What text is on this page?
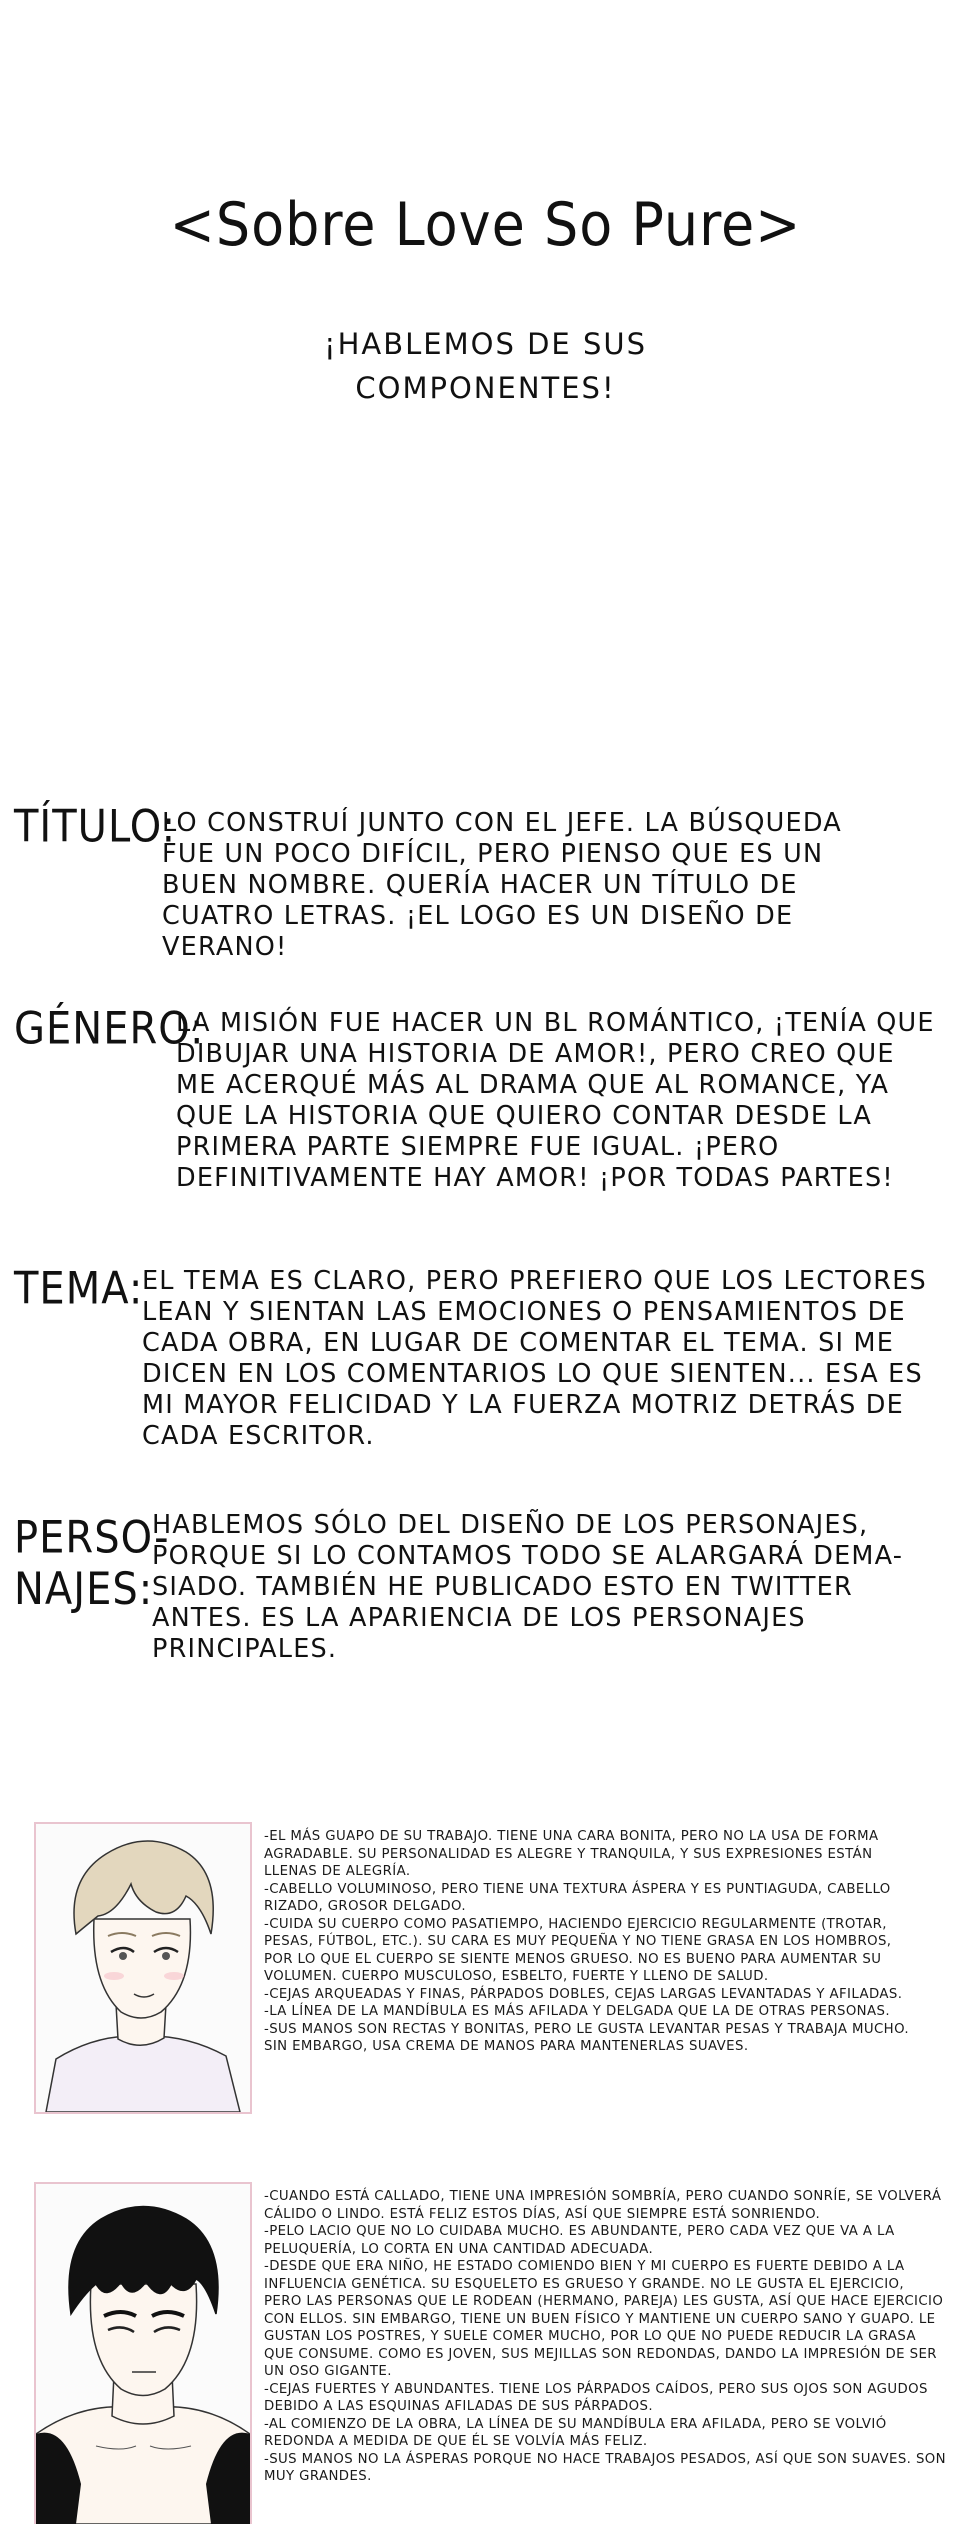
<Sobre Love So Pure>
¡HABLEMOS DE SUS
COMPONENTES!
TÍTULO:
LO CONSTRUÍ JUNTO CON EL JEFE. LA BÚSQUEDA FUE UN POCO DIFÍCIL, PERO PIENSO QUE ES UN BUEN NOMBRE. QUERÍA HACER UN TÍTULO DE CUATRO LETRAS. ¡EL LOGO ES UN DISEÑO DE VERANO!
GÉNERO:
LA MISIÓN FUE HACER UN BL ROMÁNTICO, ¡TENÍA QUE DIBUJAR UNA HISTORIA DE AMOR!, PERO CREO QUE ME ACERQUÉ MÁS AL DRAMA QUE AL ROMANCE, YA QUE LA HISTORIA QUE QUIERO CONTAR DESDE LA PRIMERA PARTE SIEMPRE FUE IGUAL. ¡PERO DEFINITIVAMENTE HAY AMOR! ¡POR TODAS PARTES!
TEMA:
EL TEMA ES CLARO, PERO PREFIERO QUE LOS LECTORES LEAN Y SIENTAN LAS EMOCIONES O PENSAMIENTOS DE CADA OBRA, EN LUGAR DE COMENTAR EL TEMA. SI ME DICEN EN LOS COMENTARIOS LO QUE SIENTEN... ESA ES MI MAYOR FELICIDAD Y LA FUERZA MOTRIZ DETRÁS DE CADA ESCRITOR.
PERSO-
NAJES:
HABLEMOS SÓLO DEL DISEÑO DE LOS PERSONAJES, PORQUE SI LO CONTAMOS TODO SE ALARGARÁ DEMA-SIADO. TAMBIÉN HE PUBLICADO ESTO EN TWITTER ANTES. ES LA APARIENCIA DE LOS PERSONAJES PRINCIPALES.

-EL MÁS GUAPO DE SU TRABAJO. TIENE UNA CARA BONITA, PERO NO LA USA DE FORMA AGRADABLE. SU PERSONALIDAD ES ALEGRE Y TRANQUILA, Y SUS EXPRESIONES ESTÁN LLENAS DE ALEGRÍA.

-CABELLO VOLUMINOSO, PERO TIENE UNA TEXTURA ÁSPERA Y ES PUNTIAGUDA, CABELLO RIZADO, GROSOR DELGADO.

-CUIDA SU CUERPO COMO PASATIEMPO, HACIENDO EJERCICIO REGULARMENTE (TROTAR, PESAS, FÚTBOL, ETC.). SU CARA ES MUY PEQUEÑA Y NO TIENE GRASA EN LOS HOMBROS, POR LO QUE EL CUERPO SE SIENTE MENOS GRUESO. NO ES BUENO PARA AUMENTAR SU VOLUMEN. CUERPO MUSCULOSO, ESBELTO, FUERTE Y LLENO DE SALUD.

-CEJAS ARQUEADAS Y FINAS, PÁRPADOS DOBLES, CEJAS LARGAS LEVANTADAS Y AFILADAS.

-LA LÍNEA DE LA MANDÍBULA ES MÁS AFILADA Y DELGADA QUE LA DE OTRAS PERSONAS.

-SUS MANOS SON RECTAS Y BONITAS, PERO LE GUSTA LEVANTAR PESAS Y TRABAJA MUCHO. SIN EMBARGO, USA CREMA DE MANOS PARA MANTENERLAS SUAVES.

-CUANDO ESTÁ CALLADO, TIENE UNA IMPRESIÓN SOMBRÍA, PERO CUANDO SONRÍE, SE VOLVERÁ CÁLIDO O LINDO. ESTÁ FELIZ ESTOS DÍAS, ASÍ QUE SIEMPRE ESTÁ SONRIENDO.

-PELO LACIO QUE NO LO CUIDABA MUCHO. ES ABUNDANTE, PERO CADA VEZ QUE VA A LA PELUQUERÍA, LO CORTA EN UNA CANTIDAD ADECUADA.

-DESDE QUE ERA NIÑO, HE ESTADO COMIENDO BIEN Y MI CUERPO ES FUERTE DEBIDO A LA INFLUENCIA GENÉTICA. SU ESQUELETO ES GRUESO Y GRANDE. NO LE GUSTA EL EJERCICIO, PERO LAS PERSONAS QUE LE RODEAN (HERMANO, PAREJA) LES GUSTA, ASÍ QUE HACE EJERCICIO CON ELLOS. SIN EMBARGO, TIENE UN BUEN FÍSICO Y MANTIENE UN CUERPO SANO Y GUAPO. LE GUSTAN LOS POSTRES, Y SUELE COMER MUCHO, POR LO QUE NO PUEDE REDUCIR LA GRASA QUE CONSUME. COMO ES JOVEN, SUS MEJILLAS SON REDONDAS, DANDO LA IMPRESIÓN DE SER UN OSO GIGANTE.

-CEJAS FUERTES Y ABUNDANTES. TIENE LOS PÁRPADOS CAÍDOS, PERO SUS OJOS SON AGUDOS DEBIDO A LAS ESQUINAS AFILADAS DE SUS PÁRPADOS.

-AL COMIENZO DE LA OBRA, LA LÍNEA DE SU MANDÍBULA ERA AFILADA, PERO SE VOLVIÓ REDONDA A MEDIDA DE QUE ÉL SE VOLVÍA MÁS FELIZ.

-SUS MANOS NO LA ÁSPERAS PORQUE NO HACE TRABAJOS PESADOS, ASÍ QUE SON SUAVES. SON MUY GRANDES.
